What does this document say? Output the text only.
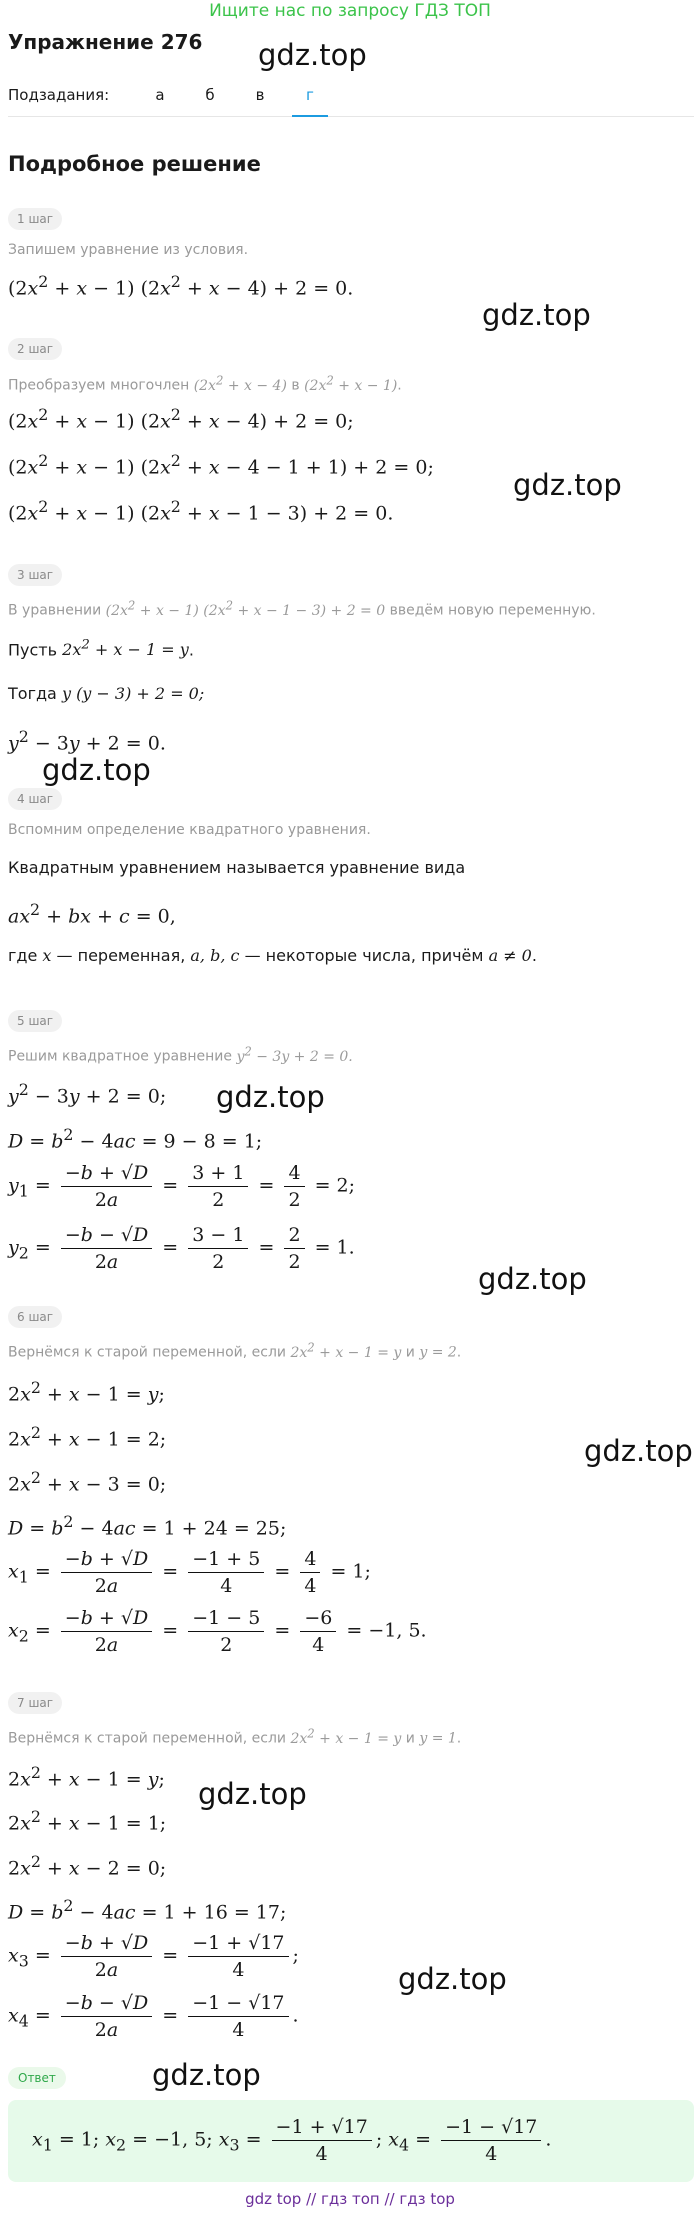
Ищите нас по запросу ГДЗ ТОП
Упражнение 276 gdz.top
Подзадания:	а	б	в	г
Подробное решение
1 шаг
Запишем уравнение из условия.
$(2x^2 + x - 1) (2x^2 + x - 4) + 2 = 0$.
gdz.top
2 шаг
Преобразуем многочлен $(2x^2 + x - 4)$ в $(2x^2 + x - 1)$.
$(2x^2 + x - 1) (2x^2 + x - 4) + 2 = 0$;
$(2x^2 + x - 1) (2x^2 + x - 4 - 1 + 1) + 2 = 0$;
gdz.top
$(2x^2 + x - 1) (2x^2 + x - 1 - 3) + 2 = 0$.
3 шаг
В уравнении $(2x^2 + x - 1) (2x^2 + x - 1 - 3) + 2 = 0$ введём новую переменную.
Пусть $2x^2 + x - 1 = y$.
Тогда y (y − 3) + 2 = 0;
$y^2 - 3y + 2 = 0$.
gdz.top
4 шаг
Вспомним определение квадратного уравнения.
Квадратным уравнением называется уравнение вида
$ax^2$ + bx + c = 0,
где x — переменная, a, b, c — некоторые числа, причём a ≠ 0.
5 шаг
Решим квадратное уравнение $y^2 - 3y + 2 = 0$.
$y^2 - 3y + 2 = 0$; gdz.top
$D = b^2 - 4ac = 9 - 8 = 1$;
$y_1 = \frac{-b + √D}{2a} = \frac{3 + 1}{2} = \frac{4}{2} = 2$;
$y_2 = \frac{-b - √D}{2a} = \frac{3 - 1}{2} = \frac{2}{2} = 1$.
gdz.top
6 шаг
Вернёмся к старой переменной, если $2x^2 + x - 1 = y$ и y = 2.
$2x^2 + x - 1 = y$;
$2x^2 + x - 1 = 2$;	gdz.top
$2x^2 + x - 3 = 0$;
$D = b^2 - 4ac = 1 + 24 = 25$;
$x_1 = \frac{-b + √D}{2a} = \frac{-1 + 5}{4} = \frac{4}{4} = 1$;
$x_2 = \frac{-b + √D}{2a} = \frac{-1 - 5}{2} = \frac{-6}{4} = -1$, 5.
7 шаг
Вернёмся к старой переменной, если $2x^2 + x - 1 = y$ и y = 1.
$2x^2 + x - 1 = y$; gdz.top
$2x^2 + x - 1 = 1$;
$2x^2 + x - 2 = 0$;
$D = b^2 - 4ac = 1 + 16 = 17$;
$x_3 = \frac{-b + √D}{2a} = \frac{-1 + √17}{4}$ ;
gdz.top
$x_4 = \frac{-b - √D}{2a} = \frac{-1 - √17}{4}$ .
Ответ	gdz.top
$x_1 = 1$; $x_2 = -1$, 5; $x_3 = \frac{-1 + √17}{4}$ ; $x_4 = \frac{-1 - √17}{4}$ .
gdz top // гдз топ // гдз top
